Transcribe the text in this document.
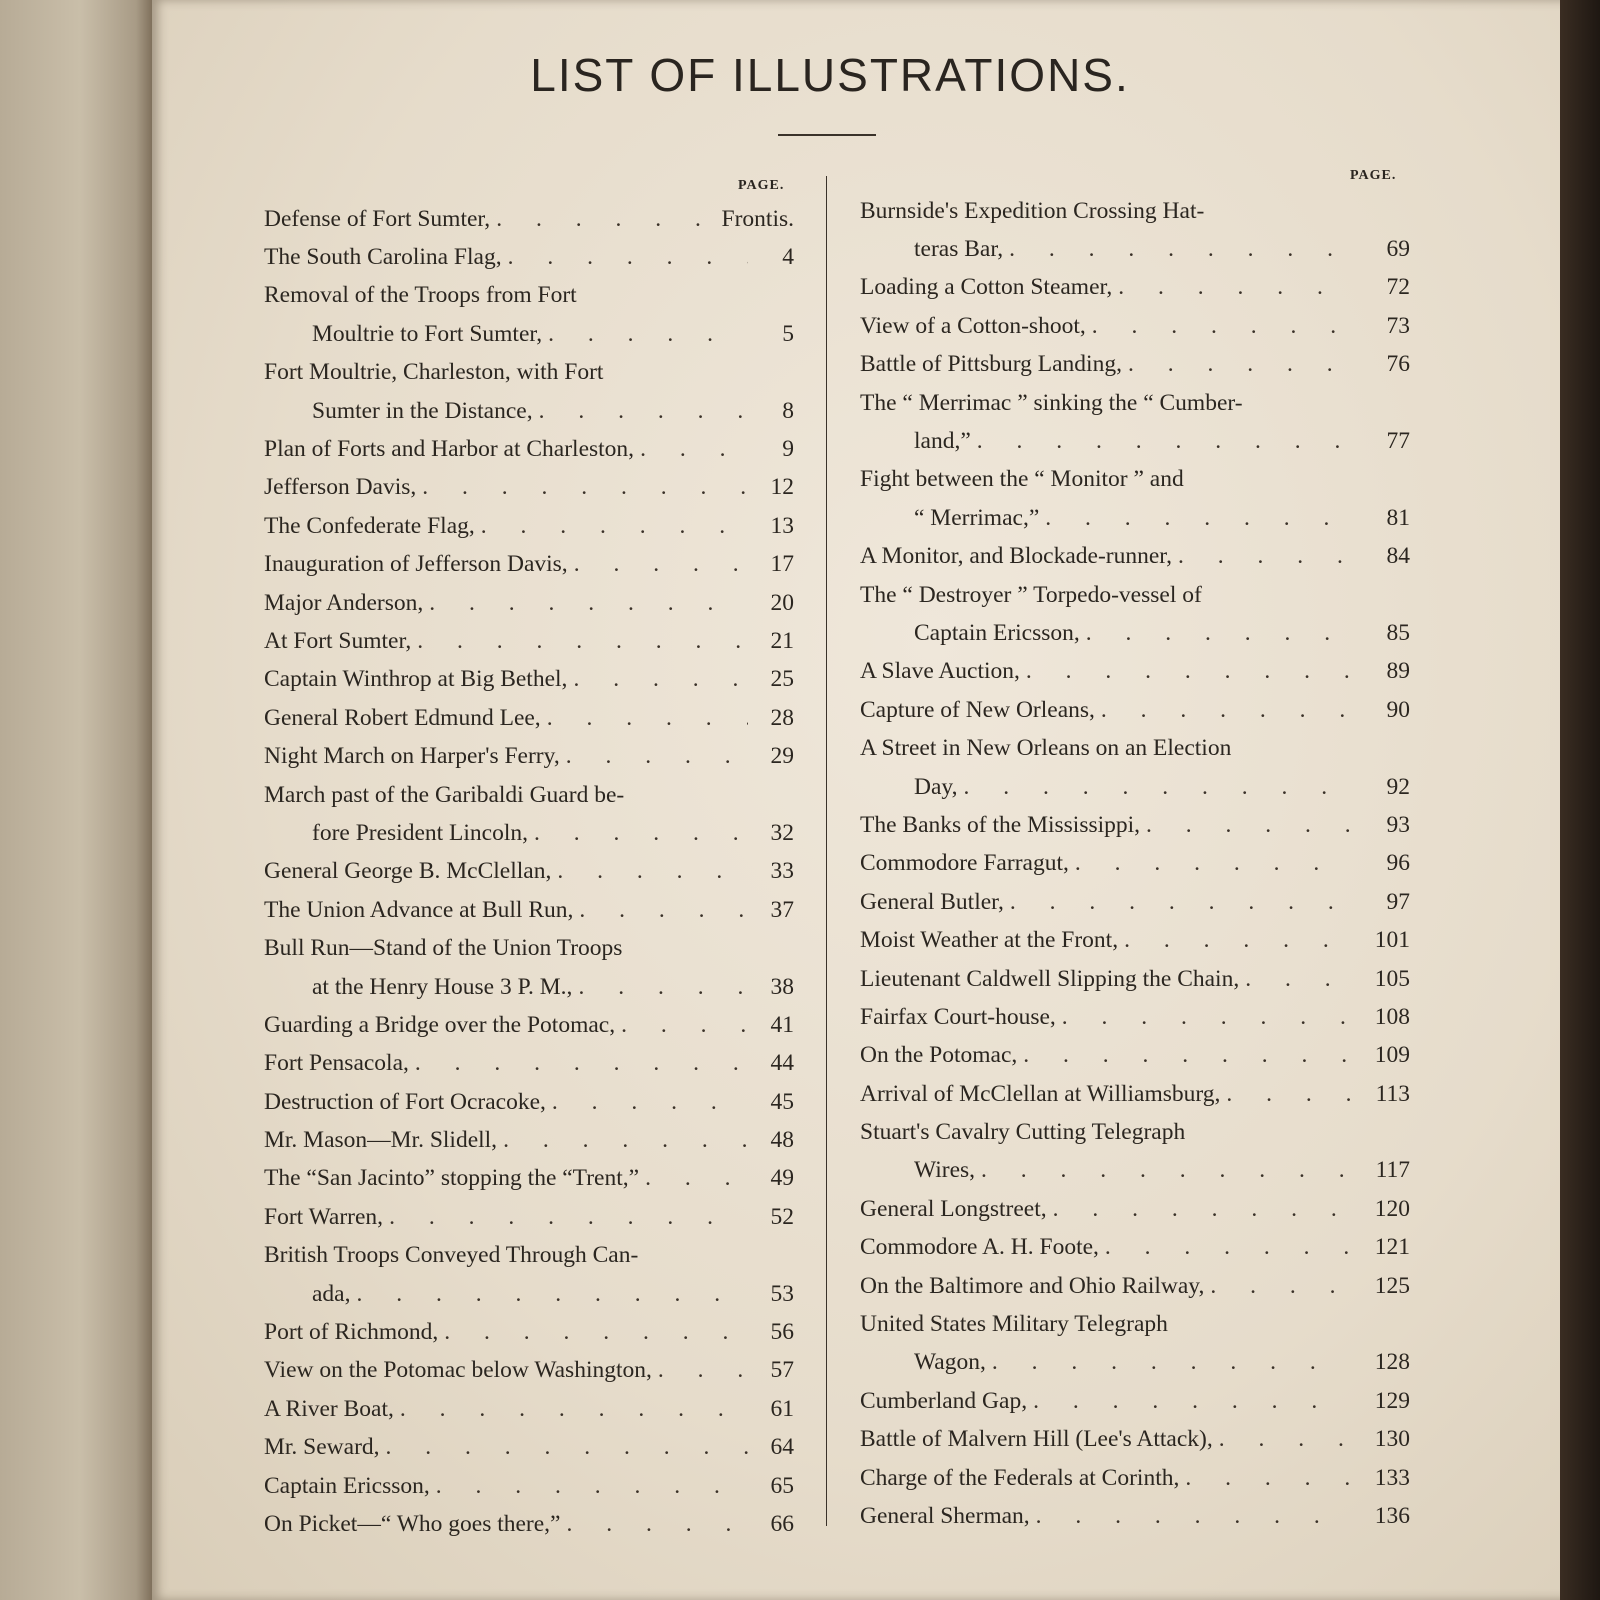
LIST OF ILLUSTRATIONS.
PAGE.
PAGE.
Defense of Fort Sumter, . . .	Frontis.
The South Carolina Flag, . . .	4
Removal of the Troops from Fort
Moultrie to Fort Sumter, . . .	5
Fort Moultrie, Charleston, with Fort
Sumter in the Distance, . . .	8
Plan of Forts and Harbor at Charleston, . . .	9
Jefferson Davis, . . .	12
The Confederate Flag, . . .	13
Inauguration of Jefferson Davis, . . .	17
Major Anderson, . . .	20
At Fort Sumter, . . .	21
Captain Winthrop at Big Bethel, . . .	25
General Robert Edmund Lee, . . .	28
Night March on Harper's Ferry, . . .	29
March past of the Garibaldi Guard be-
fore President Lincoln, . . .	32
General George B. McClellan, . . .	33
The Union Advance at Bull Run, . . .	37
Bull Run—Stand of the Union Troops
at the Henry House 3 P. M., . . .	38
Guarding a Bridge over the Potomac, . . .	41
Fort Pensacola, . . .	44
Destruction of Fort Ocracoke, . . .	45
Mr. Mason—Mr. Slidell, . . .	48
The “San Jacinto” stopping the “Trent,” . . .	49
Fort Warren, . . .	52
British Troops Conveyed Through Can-
ada, . . .	53
Port of Richmond, . . .	56
View on the Potomac below Washington, . . .	57
A River Boat, . . .	61
Mr. Seward, . . .	64
Captain Ericsson, . . .	65
On Picket—“ Who goes there,” . . .	66
Burnside's Expedition Crossing Hat-
teras Bar, . . .	69
Loading a Cotton Steamer, . . .	72
View of a Cotton-shoot, . . .	73
Battle of Pittsburg Landing, . . .	76
The “ Merrimac ” sinking the “ Cumber-
land,” . . .	77
Fight between the “ Monitor ” and
“ Merrimac,” . . .	81
A Monitor, and Blockade-runner, . . .	84
The “ Destroyer ” Torpedo-vessel of
Captain Ericsson, . . .	85
A Slave Auction, . . .	89
Capture of New Orleans, . . .	90
A Street in New Orleans on an Election
Day, . . .	92
The Banks of the Mississippi, . . .	93
Commodore Farragut, . . .	96
General Butler, . . .	97
Moist Weather at the Front, . . .	101
Lieutenant Caldwell Slipping the Chain, . . .	105
Fairfax Court-house, . . .	108
On the Potomac, . . .	109
Arrival of McClellan at Williamsburg, . . .	113
Stuart's Cavalry Cutting Telegraph
Wires, . . .	117
General Longstreet, . . .	120
Commodore A. H. Foote, . . .	121
On the Baltimore and Ohio Railway, . . .	125
United States Military Telegraph
Wagon, . . .	128
Cumberland Gap, . . .	129
Battle of Malvern Hill (Lee's Attack), . . .	130
Charge of the Federals at Corinth, . . .	133
General Sherman, . . .	136
